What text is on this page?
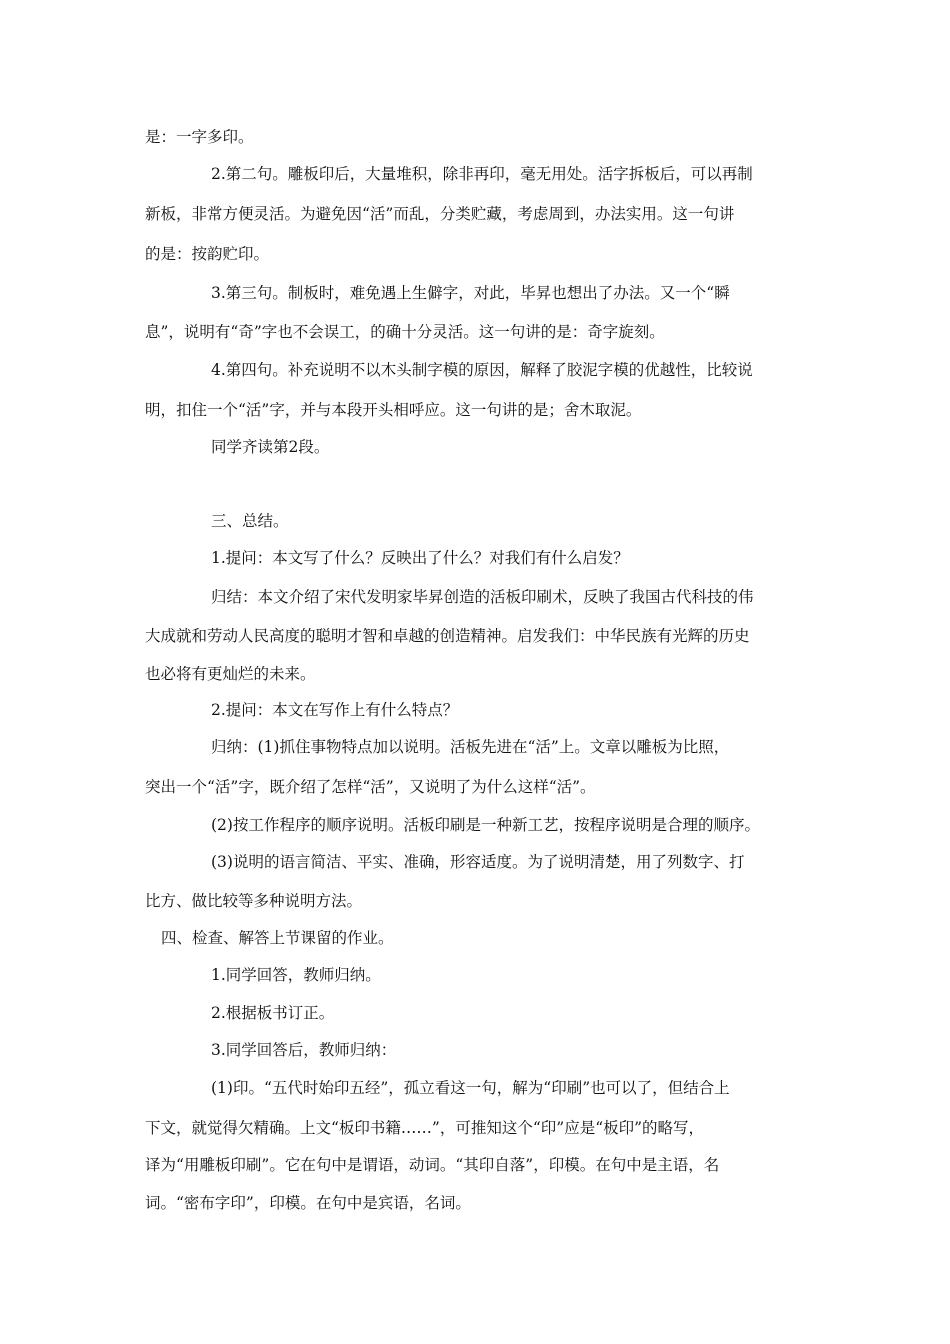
是：一字多印。
2.第二句。雕板印后，大量堆积，除非再印，毫无用处。活字拆板后，可以再制
新板，非常方便灵活。为避免因“活”而乱，分类贮藏，考虑周到，办法实用。这一句讲
的是：按韵贮印。
3.第三句。制板时，难免遇上生僻字，对此，毕昇也想出了办法。又一个“瞬
息”，说明有“奇”字也不会误工，的确十分灵活。这一句讲的是：奇字旋刻。
4.第四句。补充说明不以木头制字模的原因，解释了胶泥字模的优越性，比较说
明，扣住一个“活”字，并与本段开头相呼应。这一句讲的是；舍木取泥。
同学齐读第2段。
三、总结。
1.提问：本文写了什么？反映出了什么？对我们有什么启发？
归结：本文介绍了宋代发明家毕昇创造的活板印刷术，反映了我国古代科技的伟
大成就和劳动人民高度的聪明才智和卓越的创造精神。启发我们：中华民族有光辉的历史
也必将有更灿烂的未来。
2.提问：本文在写作上有什么特点？
归纳：(1)抓住事物特点加以说明。活板先进在“活”上。文章以雕板为比照，
突出一个“活”字，既介绍了怎样“活”，又说明了为什么这样“活”。
(2)按工作程序的顺序说明。活板印刷是一种新工艺，按程序说明是合理的顺序。
(3)说明的语言简洁、平实、准确，形容适度。为了说明清楚，用了列数字、打
比方、做比较等多种说明方法。
四、检查、解答上节课留的作业。
1.同学回答，教师归纳。
2.根据板书订正。
3.同学回答后，教师归纳：
(1)印。“五代时始印五经”，孤立看这一句，解为“印刷”也可以了，但结合上
下文，就觉得欠精确。上文“板印书籍……”，可推知这个“印”应是“板印”的略写，
译为“用雕板印刷”。它在句中是谓语，动词。“其印自落”，印模。在句中是主语，名
词。“密布字印”，印模。在句中是宾语，名词。
